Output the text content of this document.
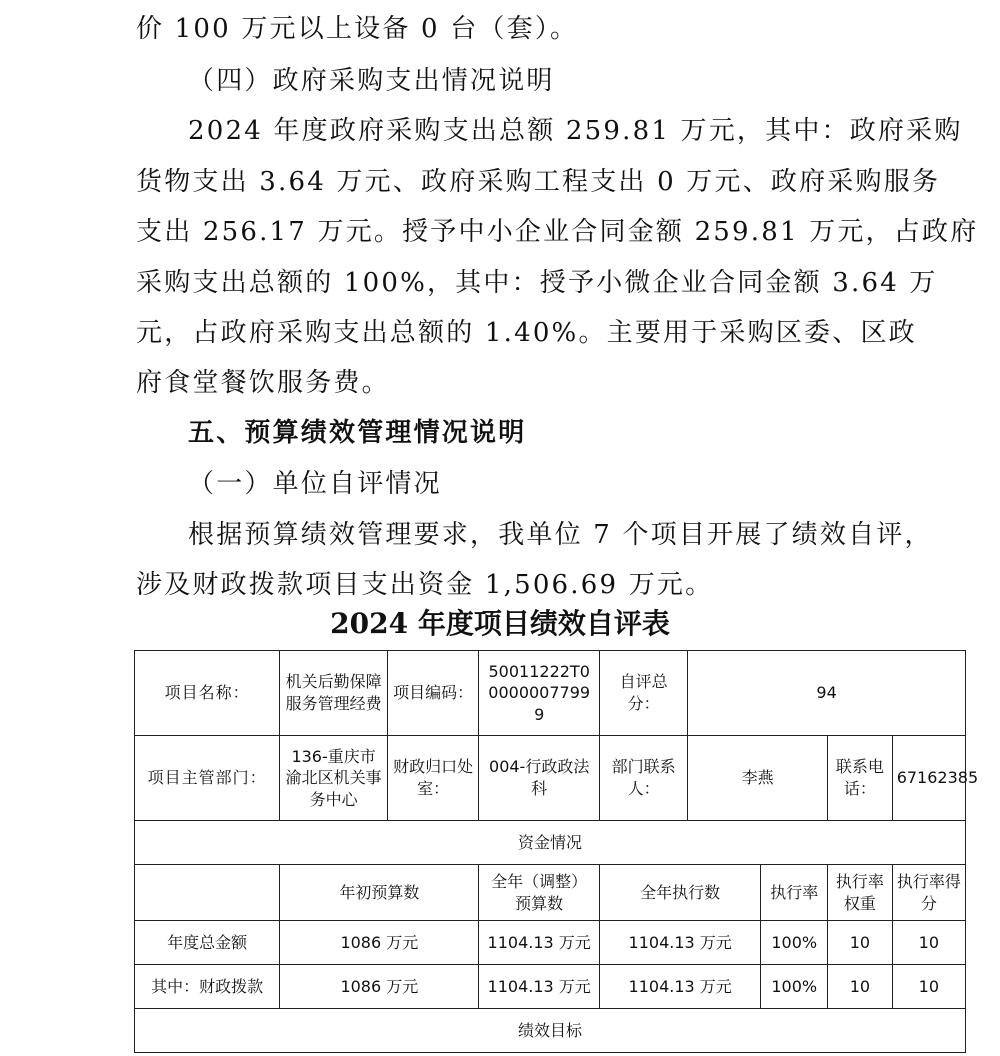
价 100 万元以上设备 0 台（套）。
（四）政府采购支出情况说明
2024 年度政府采购支出总额 259.81 万元，其中：政府采购
货物支出 3.64 万元、政府采购工程支出 0 万元、政府采购服务
支出 256.17 万元。授予中小企业合同金额 259.81 万元，占政府
采购支出总额的 100%，其中：授予小微企业合同金额 3.64 万
元，占政府采购支出总额的 1.40%。主要用于采购区委、区政
府食堂餐饮服务费。
五、预算绩效管理情况说明
（一）单位自评情况
根据预算绩效管理要求，我单位 7 个项目开展了绩效自评，
涉及财政拨款项目支出资金 1,506.69 万元。
2024 年度项目绩效自评表
项目名称：	机关后勤保障服务管理经费	项目编码：	50011222T000000077999	自评总分：	94			
项目主管部门：	136-重庆市渝北区机关事务中心	财政归口处室：	004-行政政法科	部门联系人：	李燕		联系电话：	67162385
资金情况								
	年初预算数		全年（调整）预算数	全年执行数		执行率	执行率权重	执行率得分
年度总金额	1086 万元		1104.13 万元	1104.13 万元		100%	10	10
其中：财政拨款	1086 万元		1104.13 万元	1104.13 万元		100%	10	10
绩效目标								
